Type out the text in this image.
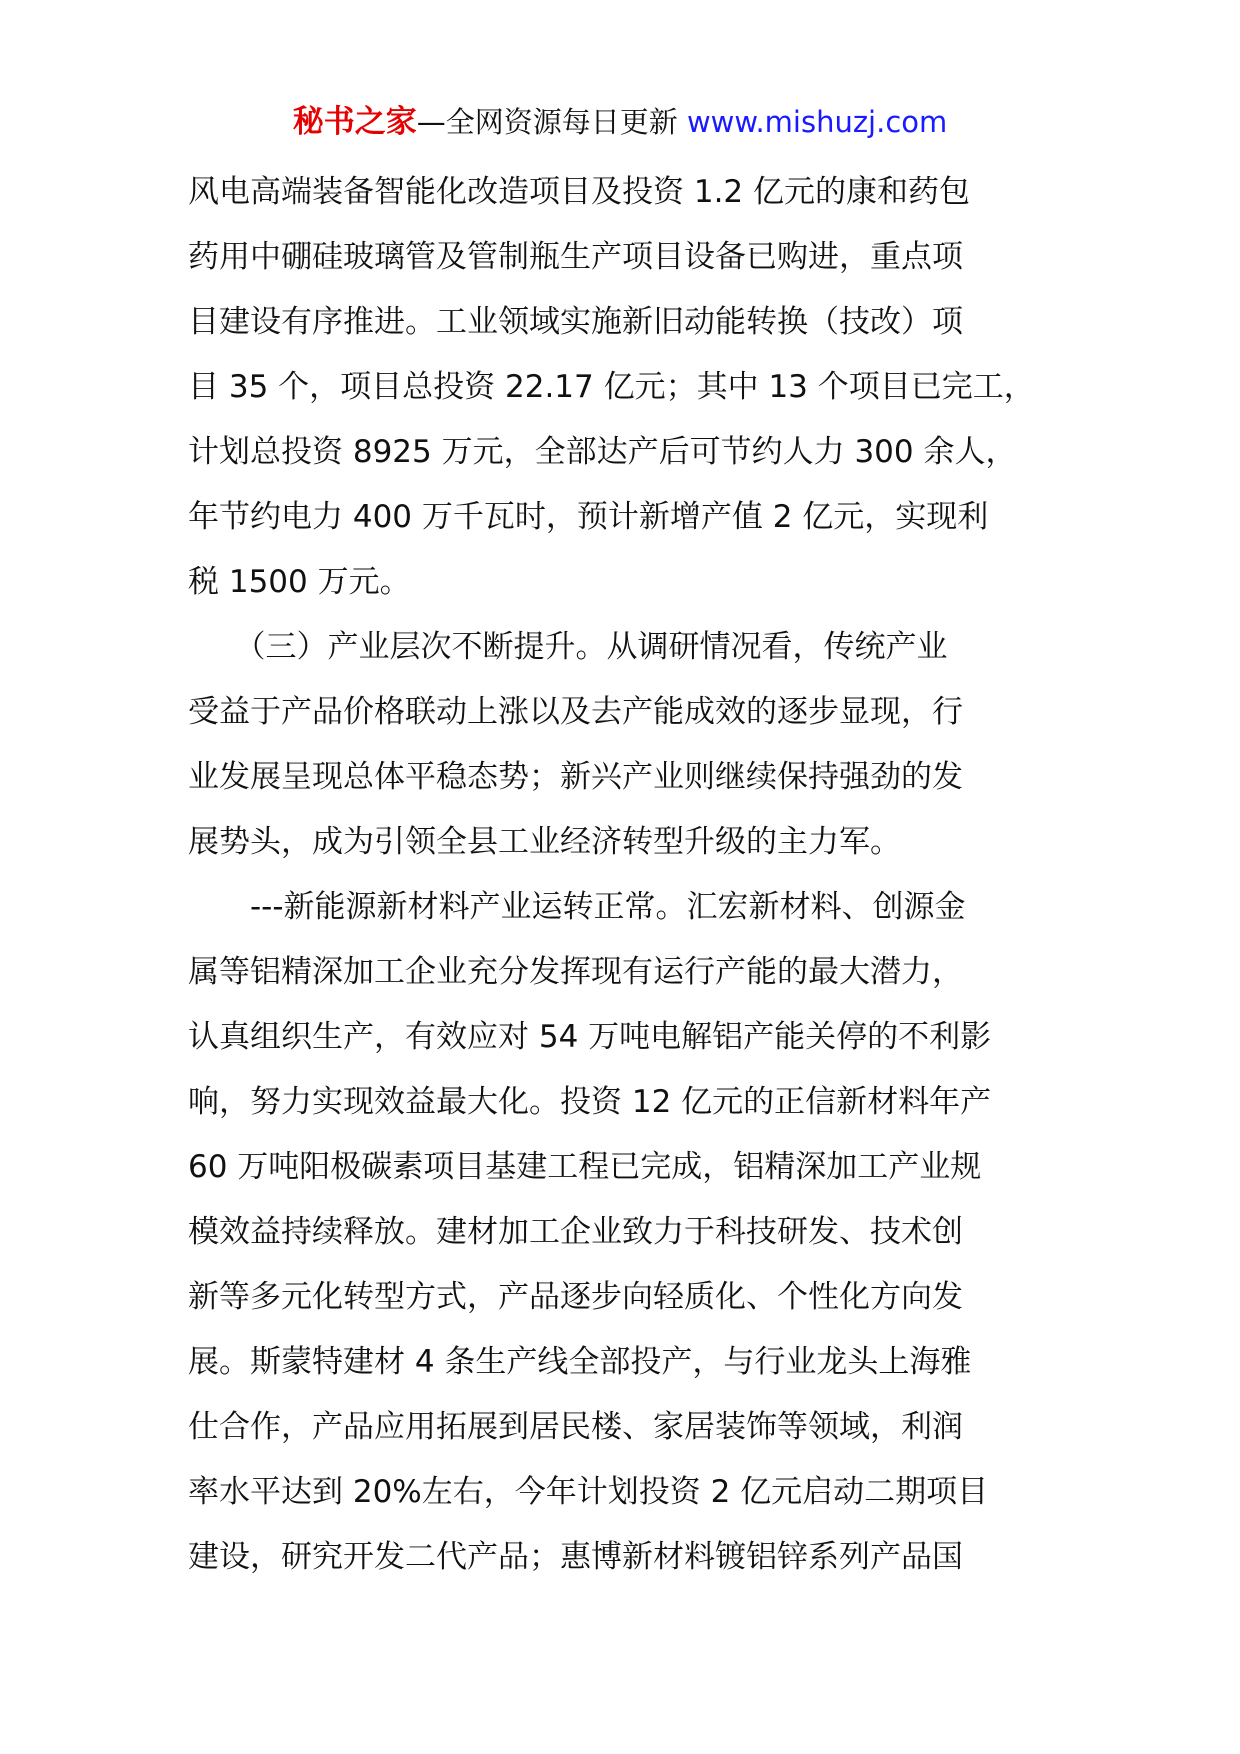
秘书之家—全网资源每日更新 www.mishuzj.com
风电高端装备智能化改造项目及投资 1.2 亿元的康和药包
药用中硼硅玻璃管及管制瓶生产项目设备已购进，重点项
目建设有序推进。工业领域实施新旧动能转换（技改）项
目 35 个，项目总投资 22.17 亿元；其中 13 个项目已完工，
计划总投资 8925 万元，全部达产后可节约人力 300 余人，
年节约电力 400 万千瓦时，预计新增产值 2 亿元，实现利
税 1500 万元。
　　（三）产业层次不断提升。从调研情况看，传统产业
受益于产品价格联动上涨以及去产能成效的逐步显现，行
业发展呈现总体平稳态势；新兴产业则继续保持强劲的发
展势头，成为引领全县工业经济转型升级的主力军。
　　---新能源新材料产业运转正常。汇宏新材料、创源金
属等铝精深加工企业充分发挥现有运行产能的最大潜力，
认真组织生产，有效应对 54 万吨电解铝产能关停的不利影
响，努力实现效益最大化。投资 12 亿元的正信新材料年产
60 万吨阳极碳素项目基建工程已完成，铝精深加工产业规
模效益持续释放。建材加工企业致力于科技研发、技术创
新等多元化转型方式，产品逐步向轻质化、个性化方向发
展。斯蒙特建材 4 条生产线全部投产，与行业龙头上海雅
仕合作，产品应用拓展到居民楼、家居装饰等领域，利润
率水平达到 20%左右，今年计划投资 2 亿元启动二期项目
建设，研究开发二代产品；惠博新材料镀铝锌系列产品国
